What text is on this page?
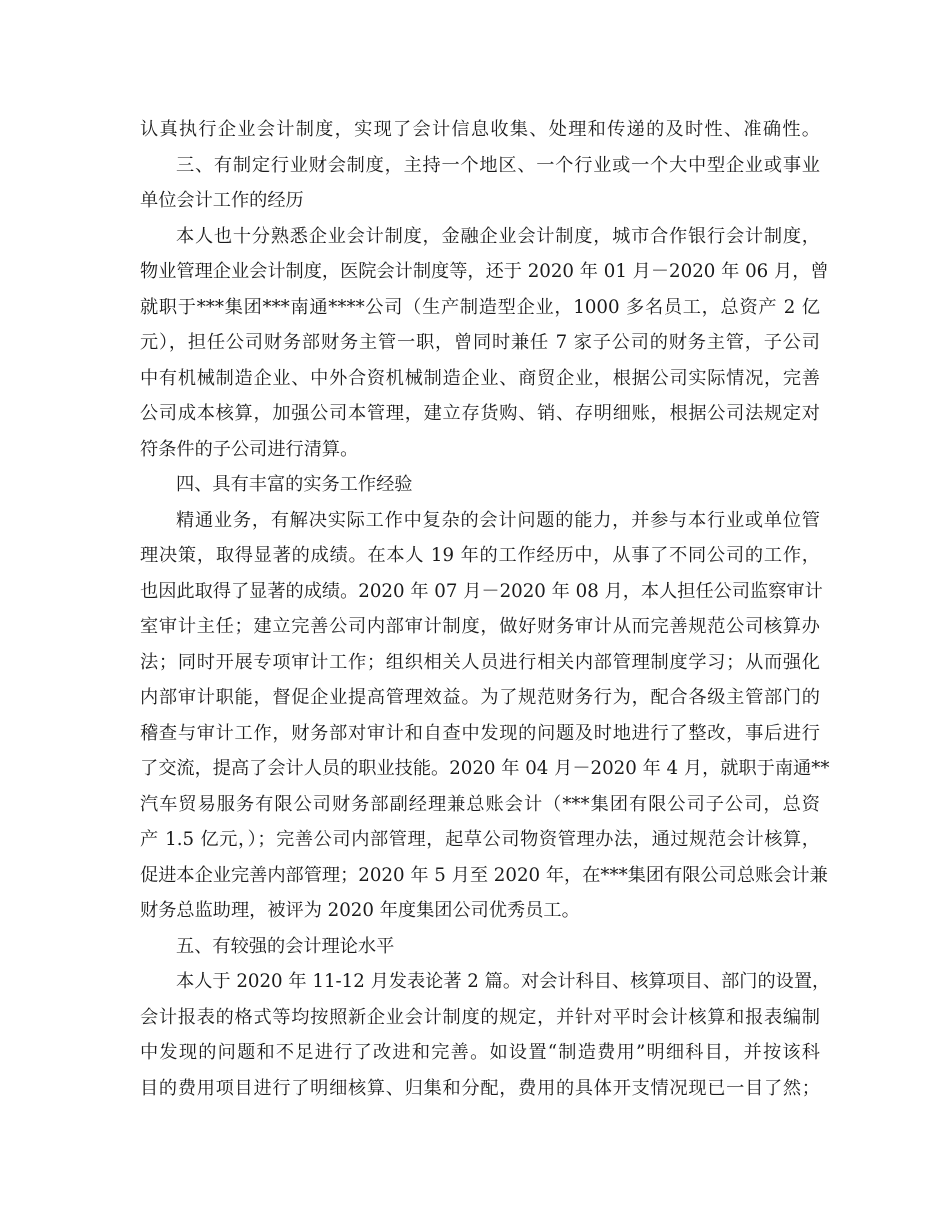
认真执行企业会计制度，实现了会计信息收集、处理和传递的及时性、准确性。
三、有制定行业财会制度，主持一个地区、一个行业或一个大中型企业或事业
单位会计工作的经历
本人也十分熟悉企业会计制度，金融企业会计制度，城市合作银行会计制度，
物业管理企业会计制度，医院会计制度等，还于 2020 年 01 月－2020 年 06 月，曾
就职于***集团***南通****公司（生产制造型企业，1000 多名员工，总资产 2 亿
元），担任公司财务部财务主管一职，曾同时兼任 7 家子公司的财务主管，子公司
中有机械制造企业、中外合资机械制造企业、商贸企业，根据公司实际情况，完善
公司成本核算，加强公司本管理，建立存货购、销、存明细账，根据公司法规定对
符条件的子公司进行清算。
四、具有丰富的实务工作经验
精通业务，有解决实际工作中复杂的会计问题的能力，并参与本行业或单位管
理决策，取得显著的成绩。在本人 19 年的工作经历中，从事了不同公司的工作，
也因此取得了显著的成绩。2020 年 07 月－2020 年 08 月，本人担任公司监察审计
室审计主任；建立完善公司内部审计制度，做好财务审计从而完善规范公司核算办
法；同时开展专项审计工作；组织相关人员进行相关内部管理制度学习；从而强化
内部审计职能，督促企业提高管理效益。为了规范财务行为，配合各级主管部门的
稽查与审计工作，财务部对审计和自查中发现的问题及时地进行了整改，事后进行
了交流，提高了会计人员的职业技能。2020 年 04 月－2020 年 4 月，就职于南通**
汽车贸易服务有限公司财务部副经理兼总账会计（***集团有限公司子公司，总资
产 1.5 亿元，）；完善公司内部管理，起草公司物资管理办法，通过规范会计核算，
促进本企业完善内部管理；2020 年 5 月至 2020 年，在***集团有限公司总账会计兼
财务总监助理，被评为 2020 年度集团公司优秀员工。
五、有较强的会计理论水平
本人于 2020 年 11-12 月发表论著 2 篇。对会计科目、核算项目、部门的设置，
会计报表的格式等均按照新企业会计制度的规定，并针对平时会计核算和报表编制
中发现的问题和不足进行了改进和完善。如设置“制造费用”明细科目，并按该科
目的费用项目进行了明细核算、归集和分配，费用的具体开支情况现已一目了然；
